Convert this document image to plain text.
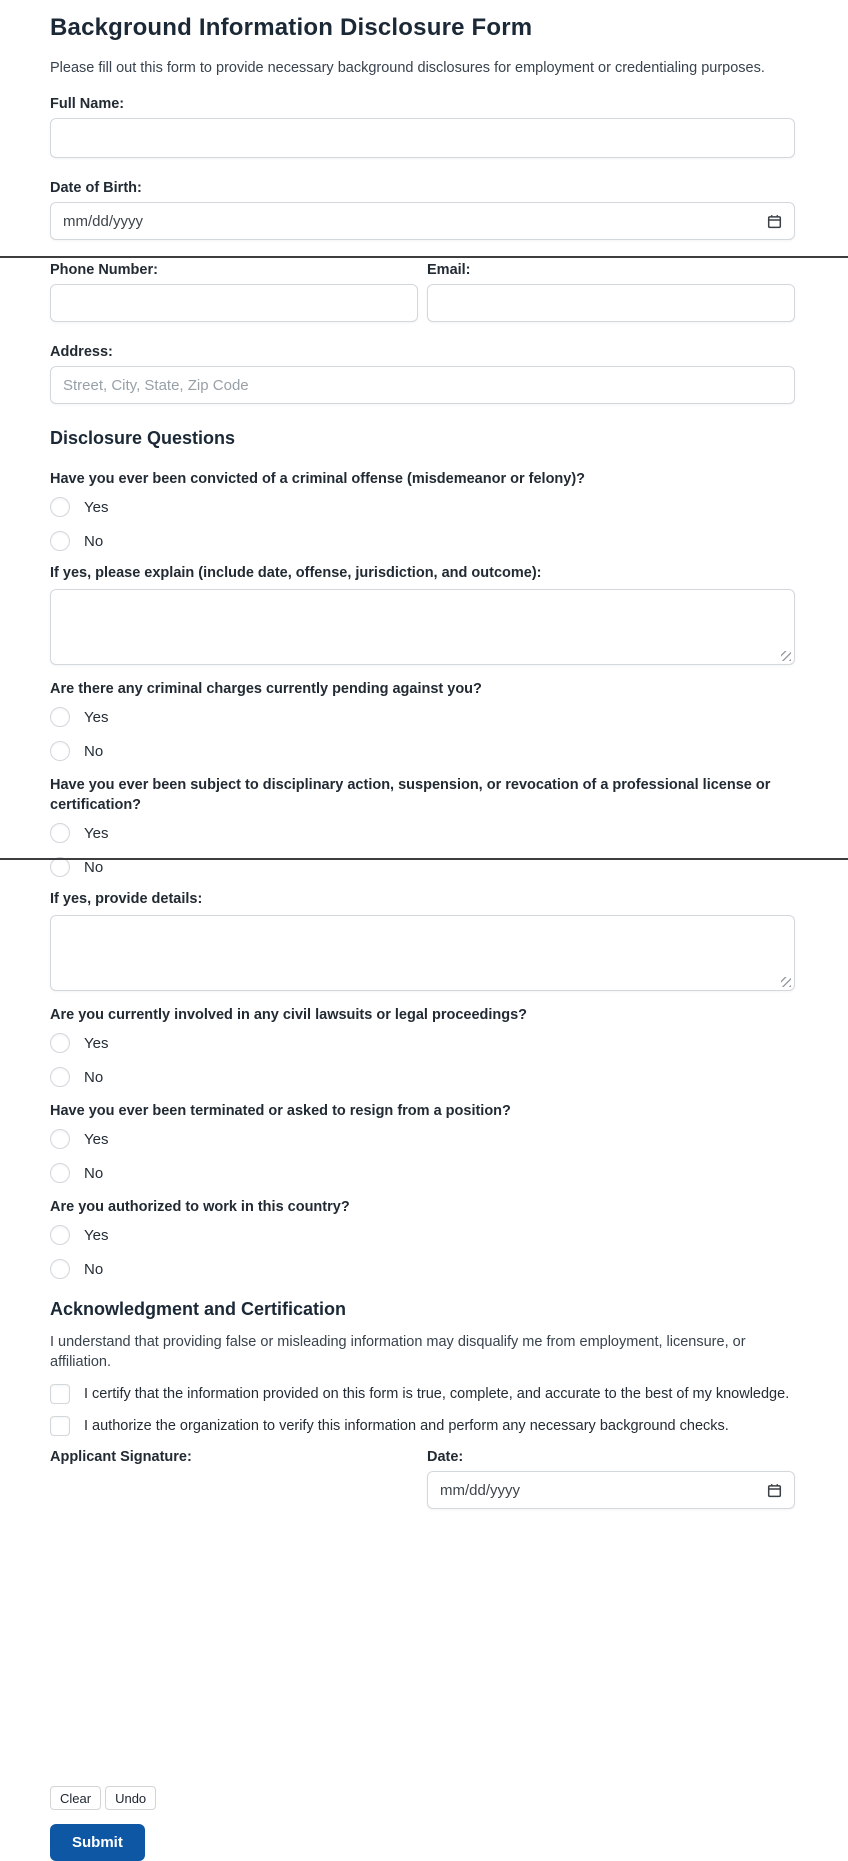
Background Information Disclosure Form

Please fill out this form to provide necessary background disclosures for employment or credentialing purposes.

Full Name:
Date of Birth:
mm/dd/yyyy
Phone Number:	Email:
Address:
Street, City, State, Zip Code
Disclosure Questions

Have you ever been convicted of a criminal offense (misdemeanor or felony)?

Yes
No

If yes, please explain (include date, offense, jurisdiction, and outcome):

Are there any criminal charges currently pending against you?

Yes
No

Have you ever been subject to disciplinary action, suspension, or revocation of a professional license or certification?

Yes
No

If yes, provide details:

Are you currently involved in any civil lawsuits or legal proceedings?

Yes
No

Have you ever been terminated or asked to resign from a position?

Yes
No

Are you authorized to work in this country?

Yes
No
Acknowledgment and Certification

I understand that providing false or misleading information may disqualify me from employment, licensure, or affiliation.

I certify that the information provided on this form is true, complete, and accurate to the best of my knowledge.
I authorize the organization to verify this information and perform any necessary background checks.
Applicant Signature:	Date:
mm/dd/yyyy
Clear	Undo
Submit
